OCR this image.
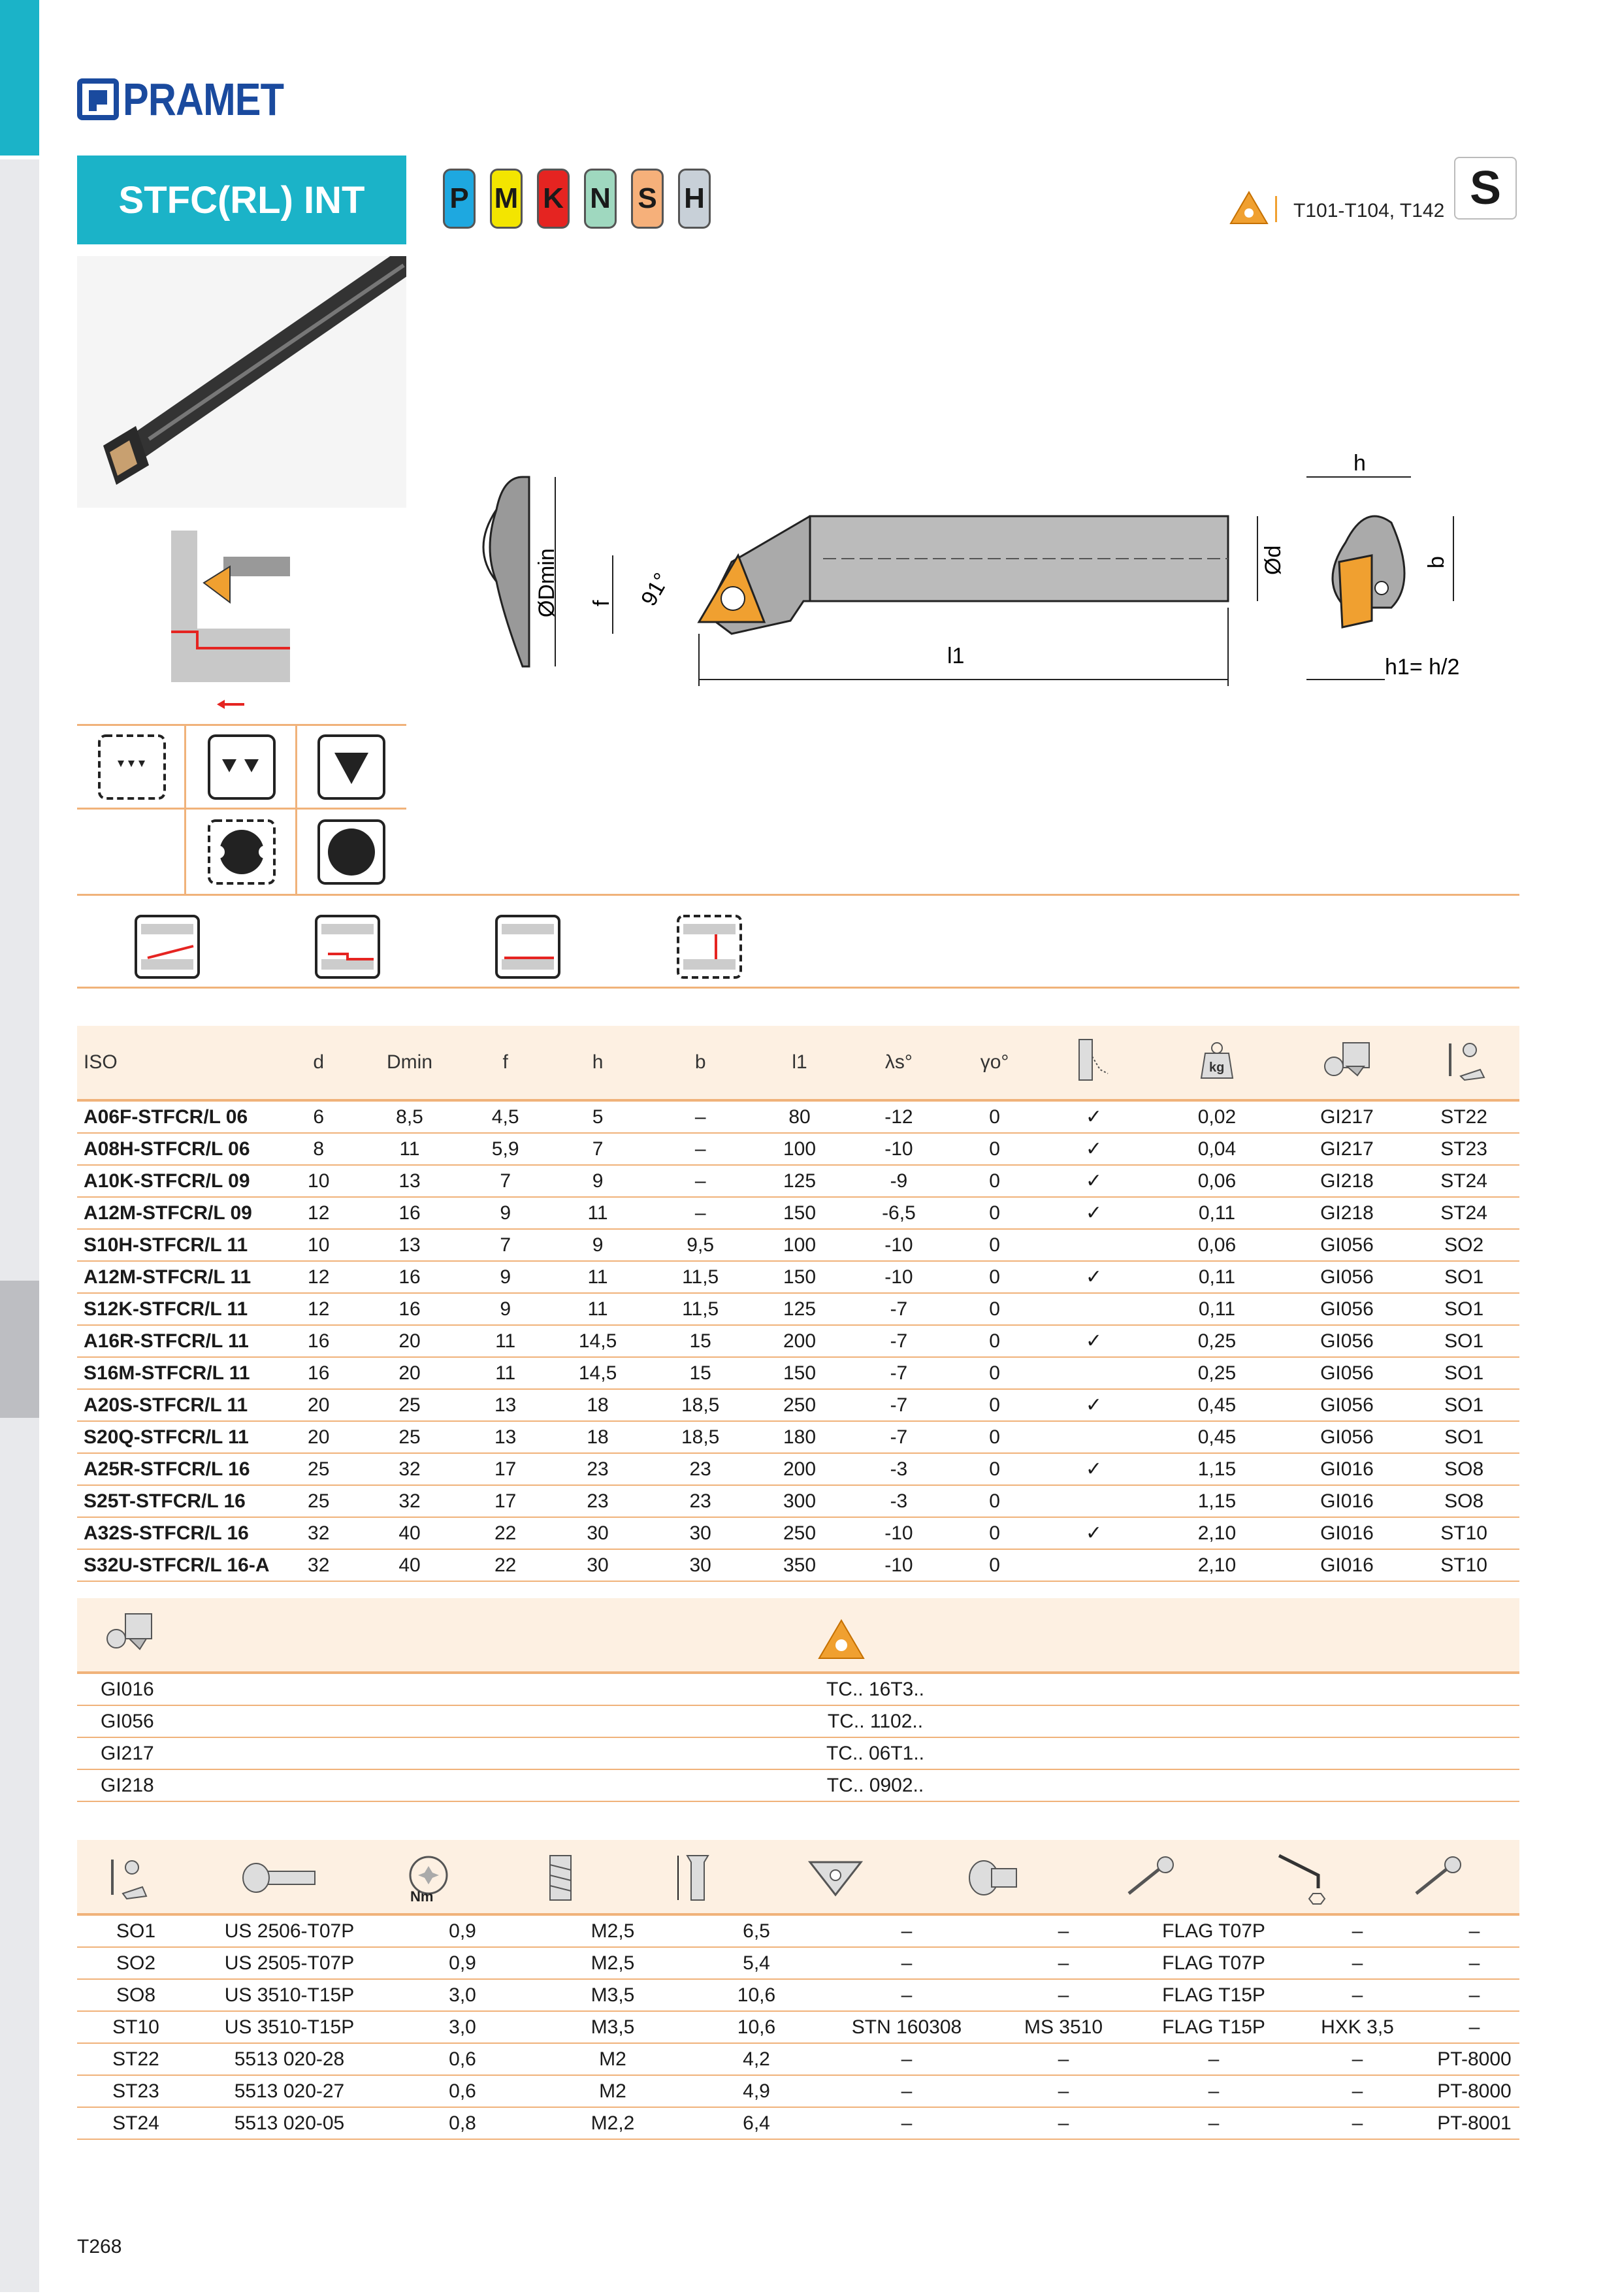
PRAMET
STFC(RL) INT	P M K N S H	T101-T104, T142 S
ØDmin f 91°
l1
Ød
h
b
h1= h/2
ISO	d	Dmin	f	h	b	l1	λs°	γo°		kg

A06F-STFCR/L 06	6	8,5	4,5	5	–	80	-12	0	✓	0,02	GI217	ST22
A08H-STFCR/L 06	8	11	5,9	7	–	100	-10	0	✓	0,04	GI217	ST23
A10K-STFCR/L 09	10	13	7	9	–	125	-9	0	✓	0,06	GI218	ST24
A12M-STFCR/L 09	12	16	9	11	–	150	-6,5	0	✓	0,11	GI218	ST24
S10H-STFCR/L 11	10	13	7	9	9,5	100	-10	0		0,06	GI056	SO2
A12M-STFCR/L 11	12	16	9	11	11,5	150	-10	0	✓	0,11	GI056	SO1
S12K-STFCR/L 11	12	16	9	11	11,5	125	-7	0		0,11	GI056	SO1
A16R-STFCR/L 11	16	20	11	14,5	15	200	-7	0	✓	0,25	GI056	SO1
S16M-STFCR/L 11	16	20	11	14,5	15	150	-7	0		0,25	GI056	SO1
A20S-STFCR/L 11	20	25	13	18	18,5	250	-7	0	✓	0,45	GI056	SO1
S20Q-STFCR/L 11	20	25	13	18	18,5	180	-7	0		0,45	GI056	SO1
A25R-STFCR/L 16	25	32	17	23	23	200	-3	0	✓	1,15	GI016	SO8
S25T-STFCR/L 16	25	32	17	23	23	300	-3	0		1,15	GI016	SO8
A32S-STFCR/L 16	32	40	22	30	30	250	-10	0	✓	2,10	GI016	ST10
S32U-STFCR/L 16-A	32	40	22	30	30	350	-10	0		2,10	GI016	ST10
GI016	TC.. 16T3..
GI056	TC.. 1102..
GI217	TC.. 06T1..
GI218	TC.. 0902..
Nm
SO1	US 2506-T07P	0,9	M2,5	6,5	–	–	FLAG T07P	–	–
SO2	US 2505-T07P	0,9	M2,5	5,4	–	–	FLAG T07P	–	–
SO8	US 3510-T15P	3,0	M3,5	10,6	–	–	FLAG T15P	–	–
ST10	US 3510-T15P	3,0	M3,5	10,6	STN 160308	MS 3510	FLAG T15P	HXK 3,5	–
ST22	5513 020-28	0,6	M2	4,2	–	–	–	–	PT-8000
ST23	5513 020-27	0,6	M2	4,9	–	–	–	–	PT-8000
ST24	5513 020-05	0,8	M2,2	6,4	–	–	–	–	PT-8001
T268
